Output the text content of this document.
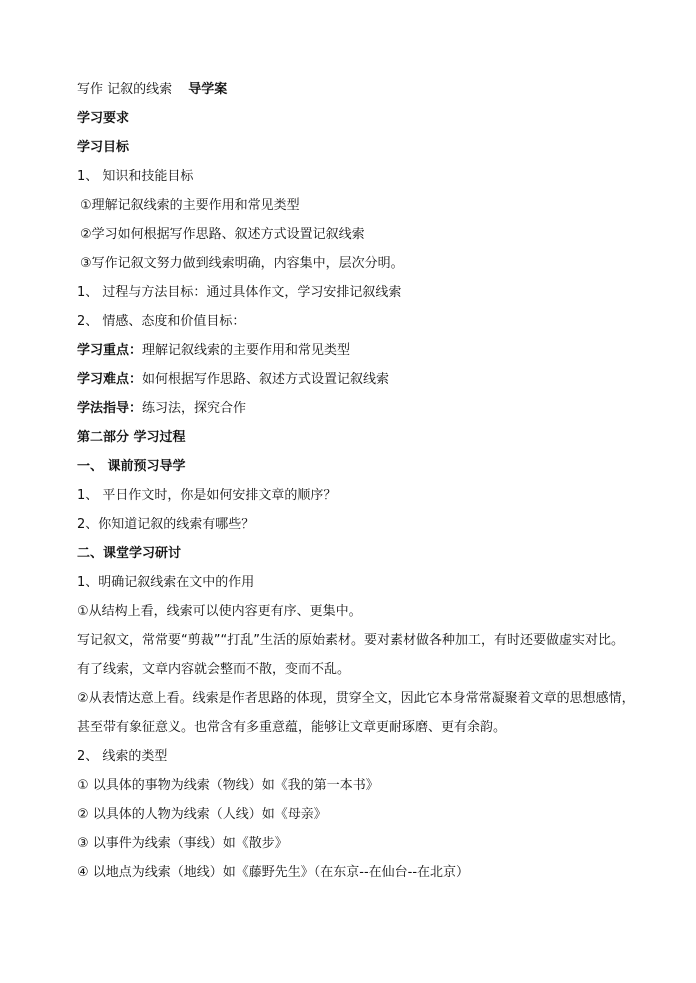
写作 记叙的线索 导学案
学习要求
学习目标
1、 知识和技能目标
①理解记叙线索的主要作用和常见类型
②学习如何根据写作思路、叙述方式设置记叙线索
③写作记叙文努力做到线索明确，内容集中，层次分明。
1、 过程与方法目标：通过具体作文，学习安排记叙线索
2、 情感、态度和价值目标：
学习重点：理解记叙线索的主要作用和常见类型
学习难点：如何根据写作思路、叙述方式设置记叙线索
学法指导：练习法，探究合作
第二部分 学习过程
一、 课前预习导学
1、 平日作文时，你是如何安排文章的顺序？
2、你知道记叙的线索有哪些？
二、课堂学习研讨
1、明确记叙线索在文中的作用
①从结构上看，线索可以使内容更有序、更集中。
写记叙文，常常要“剪裁”“打乱”生活的原始素材。要对素材做各种加工，有时还要做虚实对比。
有了线索，文章内容就会整而不散，变而不乱。
②从表情达意上看。线索是作者思路的体现，贯穿全文，因此它本身常常凝聚着文章的思想感情，
甚至带有象征意义。也常含有多重意蕴，能够让文章更耐琢磨、更有余韵。
2、 线索的类型
① 以具体的事物为线索（物线）如《我的第一本书》
② 以具体的人物为线索（人线）如《母亲》
③ 以事件为线索（事线）如《散步》
④ 以地点为线索（地线）如《藤野先生》（在东京--在仙台--在北京）
